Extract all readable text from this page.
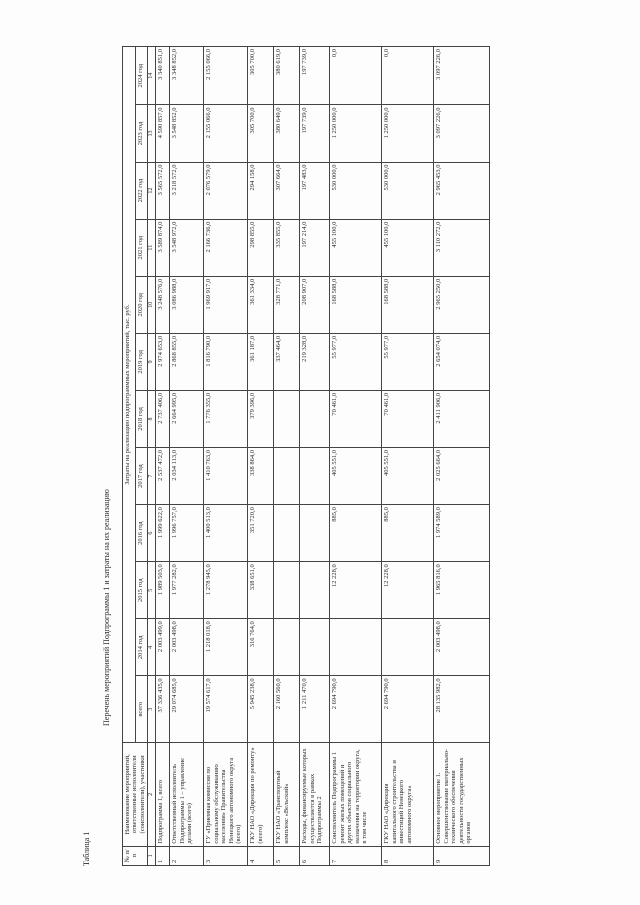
Таблица 1
Перечень мероприятий Подпрограммы 1 и затраты на их реализацию
№ п/п	Наименование мероприятий, ответственные исполнители (соисполнители), участники	Затраты на реализацию подпрограммных мероприятий, тыс. руб.											
		всего	2014 год	2015 год	2016 год	2017 год	2018 год	2019 год	2020 год	2021 год	2022 год	2023 год	2024 год
1	2	3	4	5	6	7	8	9	10	11	12	13	14
1	Подпрограмма 1, всего	37 336 435,0	2 003 499,0	1 989 503,0	1 999 622,0	2 537 472,0	2 737 406,0	2 974 653,0	3 248 576,0	3 589 874,0	3 565 572,0	4 590 857,0	3 340 851,0
2	Ответственный исполнитель Подпрограммы 1 – управление делами (всего)	29 074 685,0	2 003 498,0	1 977 282,0	1 996 757,0	2 034 113,0	2 664 995,0	2 868 855,0	3 086 988,0	3 548 972,0	3 218 572,0	3 548 852,0	3 348 852,0
3	ГУ «Приемная комиссия по социальному обслуживанию населения» Правительства Ненецкого автономного округа (всего)	19 574 617,0	1 218 018,0	1 278 945,0	1 400 513,0	1 410 763,0	1 776 355,0	1 816 790,0	1 969 917,0	2 166 736,0	2 076 579,0	2 155 066,0	2 155 066,0
4	ГКУ НАО «Дирекция по ремонту» (всего)	5 945 238,0	316 764,0	338 651,0	351 720,0	338 864,0	379 396,0	361 187,0	361 334,0	298 855,0	294 158,0	305 700,0	305 700,0
5	ГКУ НАО «Транспортный комплекс «Вельский»	2 160 560,0						337 464,0	328 771,0	335 855,0	307 664,0	380 649,0	380 619,0
6	Расходы, финансируемые которых осуществляется в рамках Подпрограммы 2	1 211 470,0						219 328,0	208 907,0	197 214,0	197 483,0	197 739,0	197 739,0
7	Соисполнитель Подпрограммы 1 ремонт жилых помещений и других объектов социального назначения на территории округа, в том числе	2 694 790,0		12 228,0	885,0	405 551,0	70 461,0	55 977,0	168 588,0	455 100,0	530 000,0	1 250 000,0	0,0
8	ГКУ НАО «Дирекция капитального строительства и инвестиций Ненецкого автономного округа»	2 694 790,0		12 228,0	885,0	405 551,0	70 461,0	55 977,0	168 588,0	455 100,0	530 000,0	1 250 000,0	0,0
9	Основное мероприятие 1. Совершенствование материально-технического обеспечения деятельности государственных органов	28 135 982,0	2 003 498,0	1 965 816,0	1 974 589,0	2 025 664,0	2 411 906,0	2 654 074,0	2 965 250,0	3 110 272,0	2 965 453,0	3 097 226,0	3 097 226,0
